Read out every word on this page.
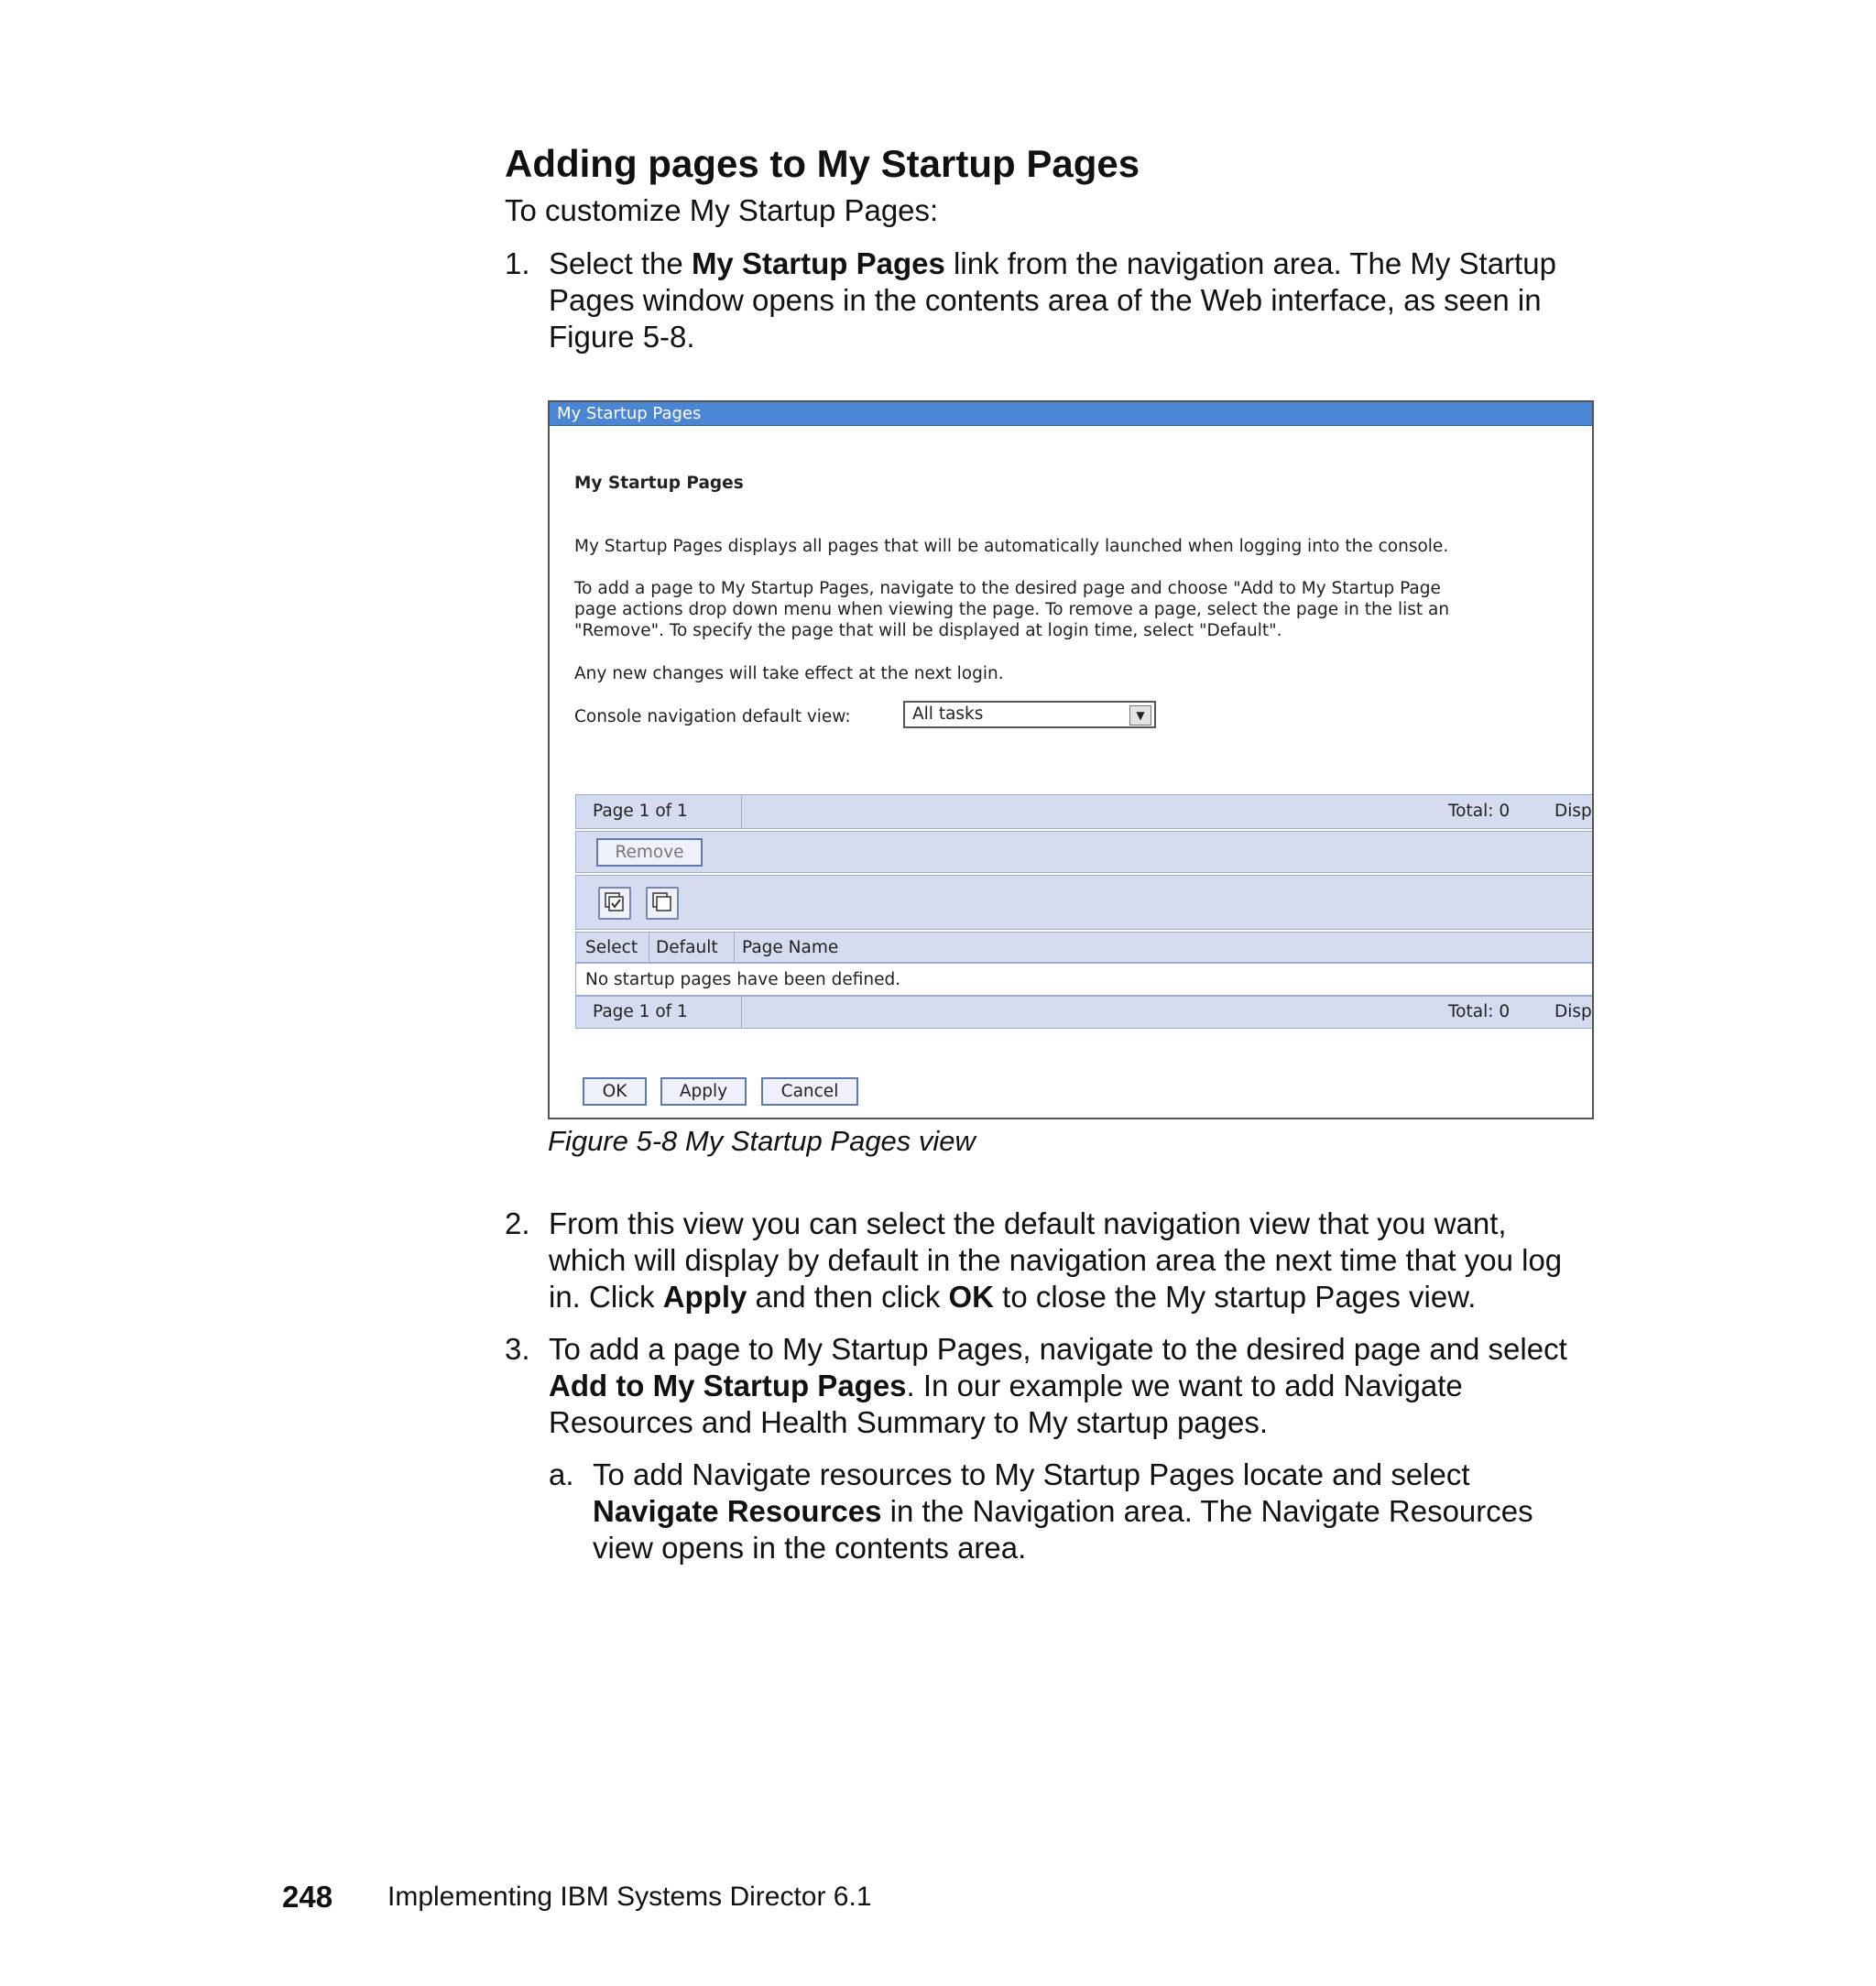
Adding pages to My Startup Pages
To customize My Startup Pages:
1. Select the My Startup Pages link from the navigation area. The My Startup
Pages window opens in the contents area of the Web interface, as seen in
Figure 5-8.
My Startup Pages
My Startup Pages
My Startup Pages displays all pages that will be automatically launched when logging into the console.
To add a page to My Startup Pages, navigate to the desired page and choose "Add to My Startup Page
page actions drop down menu when viewing the page. To remove a page, select the page in the list an
"Remove". To specify the page that will be displayed at login time, select "Default".
Any new changes will take effect at the next login.
Console navigation default view:	All tasks	▼
Page 1 of 1	Total: 0	Disp
Remove
Select Default Page Name
No startup pages have been defined.
Page 1 of 1	Total: 0	Disp
OK	Apply	Cancel
Figure 5-8 My Startup Pages view
2. From this view you can select the default navigation view that you want,
which will display by default in the navigation area the next time that you log
in. Click Apply and then click OK to close the My startup Pages view.
3. To add a page to My Startup Pages, navigate to the desired page and select
Add to My Startup Pages. In our example we want to add Navigate
Resources and Health Summary to My startup pages.
a. To add Navigate resources to My Startup Pages locate and select
Navigate Resources in the Navigation area. The Navigate Resources
view opens in the contents area.
248 Implementing IBM Systems Director 6.1
